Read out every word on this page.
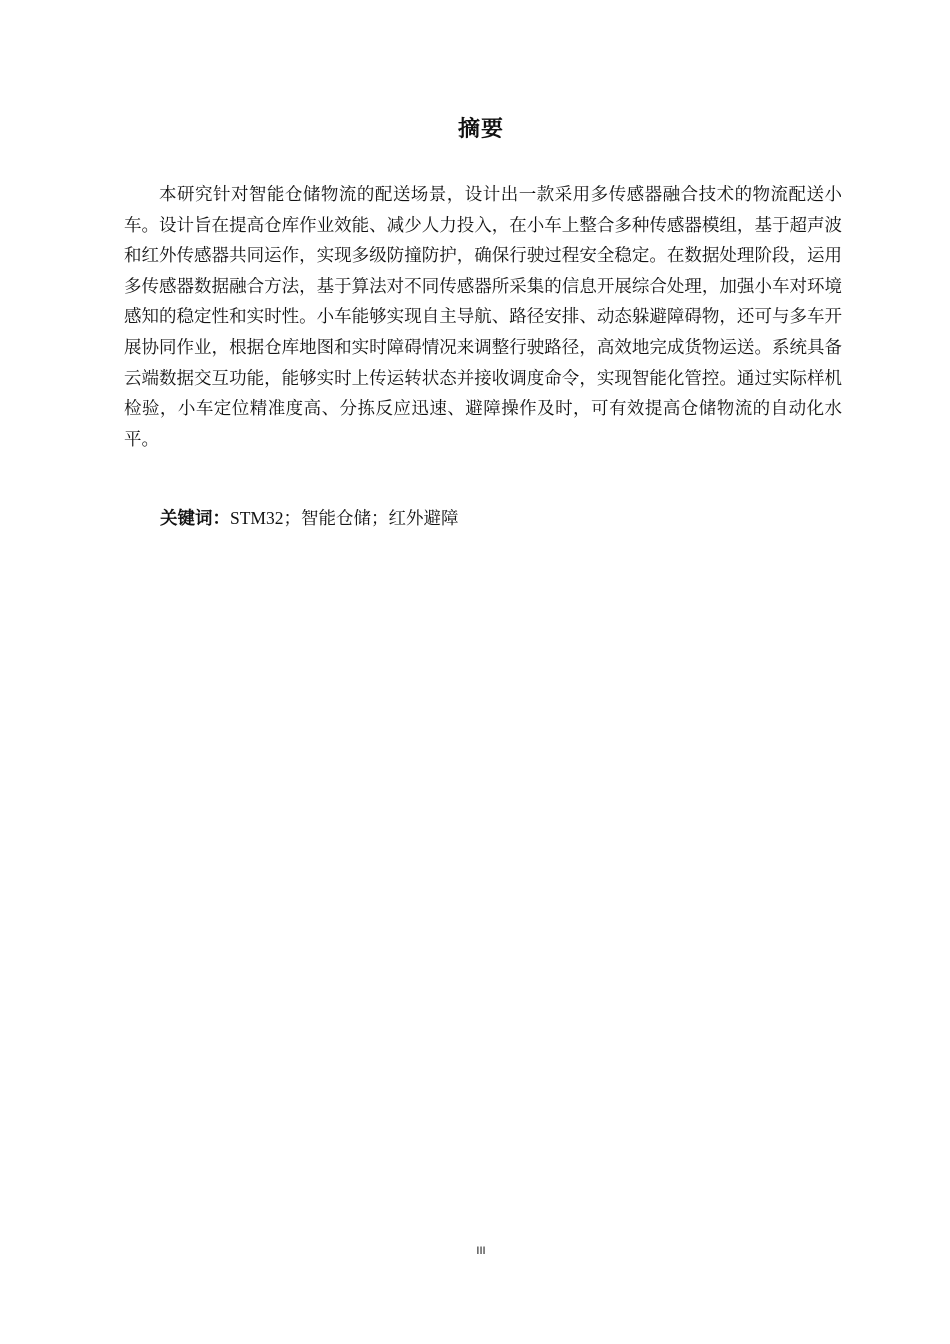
摘要

本研究针对智能仓储物流的配送场景，设计出一款采用多传感器融合技术的物流配送小车。设计旨在提高仓库作业效能、减少人力投入，在小车上整合多种传感器模组，基于超声波和红外传感器共同运作，实现多级防撞防护，确保行驶过程安全稳定。在数据处理阶段，运用多传感器数据融合方法，基于算法对不同传感器所采集的信息开展综合处理，加强小车对环境感知的稳定性和实时性。小车能够实现自主导航、路径安排、动态躲避障碍物，还可与多车开展协同作业，根据仓库地图和实时障碍情况来调整行驶路径，高效地完成货物运送。系统具备云端数据交互功能，能够实时上传运转状态并接收调度命令，实现智能化管控。通过实际样机检验，小车定位精准度高、分拣反应迅速、避障操作及时，可有效提高仓储物流的自动化水平。

关键词：STM32；智能仓储；红外避障
III
